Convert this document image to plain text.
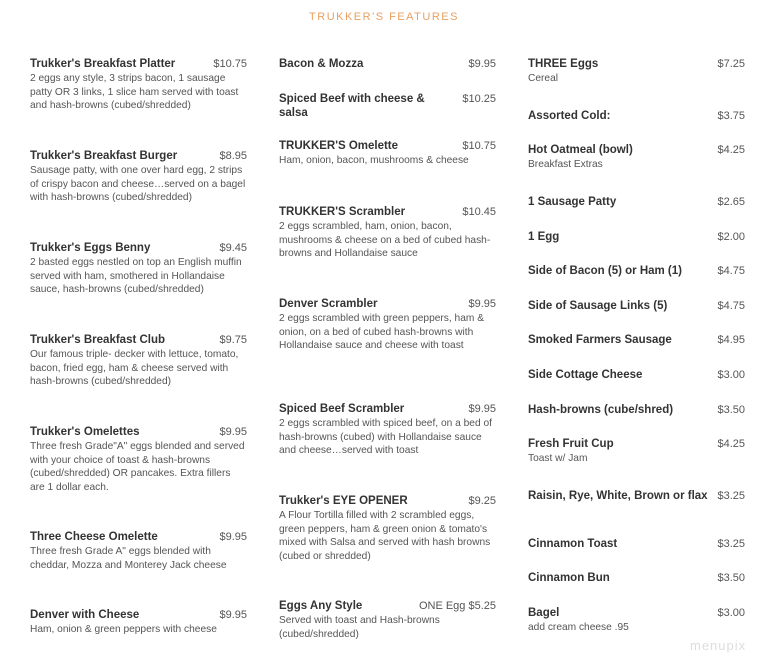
TRUKKER'S FEATURES
Trukker's Breakfast Platter	$10.75
2 eggs any style, 3 strips bacon, 1 sausage patty OR 3 links, 1 slice ham served with toast and hash-browns (cubed/shredded)
Trukker's Breakfast Burger	$8.95
Sausage patty, with one over hard egg, 2 strips of crispy bacon and cheese…served on a bagel with hash-browns (cubed/shredded)
Trukker's Eggs Benny	$9.45
2 basted eggs nestled on top an English muffin served with ham, smothered in Hollandaise sauce, hash-browns (cubed/shredded)
Trukker's Breakfast Club	$9.75
Our famous triple- decker with lettuce, tomato, bacon, fried egg, ham & cheese served with hash-browns (cubed/shredded)
Trukker's Omelettes	$9.95
Three fresh Grade"A" eggs blended and served with your choice of toast & hash-browns (cubed/shredded) OR pancakes. Extra fillers are 1 dollar each.
Three Cheese Omelette	$9.95
Three fresh Grade A" eggs blended with cheddar, Mozza and Monterey Jack cheese
Denver with Cheese	$9.95
Ham, onion & green peppers with cheese
Bacon & Mozza	$9.95
Spiced Beef with cheese & salsa
$10.25
TRUKKER'S Omelette	$10.75
Ham, onion, bacon, mushrooms & cheese
TRUKKER'S Scrambler	$10.45
2 eggs scrambled, ham, onion, bacon, mushrooms & cheese on a bed of cubed hash-browns and Hollandaise sauce
Denver Scrambler	$9.95
2 eggs scrambled with green peppers, ham & onion, on a bed of cubed hash-browns with Hollandaise sauce and cheese with toast
Spiced Beef Scrambler	$9.95
2 eggs scrambled with spiced beef, on a bed of hash-browns (cubed) with Hollandaise sauce and cheese…served with toast
Trukker's EYE OPENER	$9.25
A Flour Tortilla filled with 2 scrambled eggs, green peppers, ham & green onion & tomato's mixed with Salsa and served with hash browns (cubed or shredded)
Eggs Any Style	ONE Egg $5.25
Served with toast and Hash-browns (cubed/shredded)
THREE Eggs	$7.25
Cereal
Assorted Cold:	$3.75
Hot Oatmeal (bowl)	$4.25
Breakfast Extras
1 Sausage Patty	$2.65
1 Egg	$2.00
Side of Bacon (5) or Ham (1)	$4.75
Side of Sausage Links (5)	$4.75
Smoked Farmers Sausage	$4.95
Side Cottage Cheese	$3.00
Hash-browns (cube/shred)	$3.50
Fresh Fruit Cup	$4.25
Toast w/ Jam
Raisin, Rye, White, Brown or flax $3.25
Cinnamon Toast	$3.25
Cinnamon Bun	$3.50
Bagel	$3.00
add cream cheese .95
menupix
